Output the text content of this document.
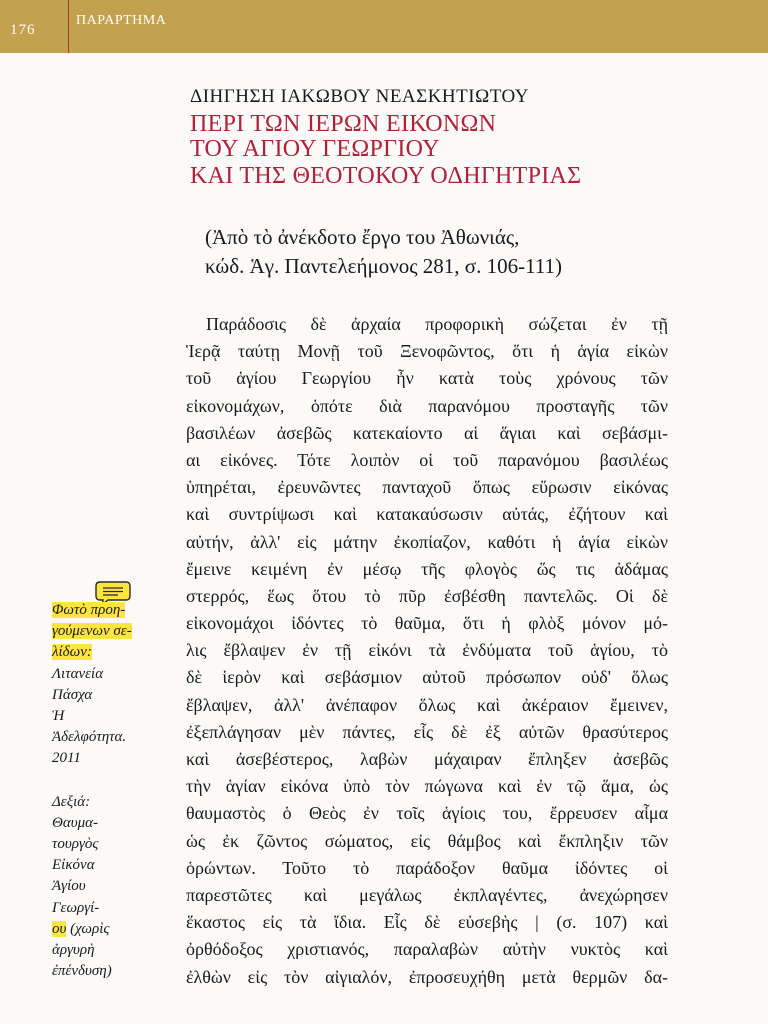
176
ΠΑΡΑΡΤΗΜΑ
ΔΙΗΓΗΣΗ ΙΑΚΩΒΟΥ ΝΕΑΣΚΗΤΙΩΤΟΥ
ΠΕΡΙ ΤΩΝ ΙΕΡΩΝ ΕΙΚΟΝΩΝ
ΤΟΥ ΑΓΙΟΥ ΓΕΩΡΓΙΟΥ
ΚΑΙ ΤΗΣ ΘΕΟΤΟΚΟΥ ΟΔΗΓΗΤΡΙΑΣ
(Ἀπὸ τὸ ἀνέκδοτο ἔργο του Ἀθωνιάς,
κώδ. Ἁγ. Παντελεήμονος 281, σ. 106-111)
Παράδοσις δὲ ἀρχαία προφορικὴ σώζεται ἐν τῇ
Ἱερᾷ ταύτῃ Μονῇ τοῦ Ξενοφῶντος, ὅτι ἡ ἁγία εἰκὼν
τοῦ ἁγίου Γεωργίου ἦν κατὰ τοὺς χρόνους τῶν
εἰκονομάχων, ὁπότε διὰ παρανόμου προσταγῆς τῶν
βασιλέων ἀσεβῶς κατεκαίοντο αἱ ἅγιαι καὶ σεβάσμι-
αι εἰκόνες. Τότε λοιπὸν οἱ τοῦ παρανόμου βασιλέως
ὑπηρέται, ἐρευνῶντες πανταχοῦ ὅπως εὕρωσιν εἰκόνας
καὶ συντρίψωσι καὶ κατακαύσωσιν αὐτάς, ἐζήτουν καὶ
αὐτήν, ἀλλ' εἰς μάτην ἐκοπίαζον, καθότι ἡ ἁγία εἰκὼν
ἔμεινε κειμένη ἐν μέσῳ τῆς φλογὸς ὥς τις ἀδάμας
στερρός, ἕως ὅτου τὸ πῦρ ἐσβέσθη παντελῶς. Οἱ δὲ
εἰκονομάχοι ἰδόντες τὸ θαῦμα, ὅτι ἡ φλὸξ μόνον μό-
λις ἔβλαψεν ἐν τῇ εἰκόνι τὰ ἐνδύματα τοῦ ἁγίου, τὸ
δὲ ἱερὸν καὶ σεβάσμιον αὐτοῦ πρόσωπον οὐδ' ὅλως
ἔβλαψεν, ἀλλ' ἀνέπαφον ὅλως καὶ ἀκέραιον ἔμεινεν,
ἐξεπλάγησαν μὲν πάντες, εἷς δὲ ἐξ αὐτῶν θρασύτερος
καὶ ἀσεβέστερος, λαβὼν μάχαιραν ἔπληξεν ἀσεβῶς
τὴν ἁγίαν εἰκόνα ὑπὸ τὸν πώγωνα καὶ ἐν τῷ ἅμα, ὡς
θαυμαστὸς ὁ Θεὸς ἐν τοῖς ἁγίοις του, ἔρρευσεν αἷμα
ὡς ἐκ ζῶντος σώματος, εἰς θάμβος καὶ ἔκπληξιν τῶν
ὁρώντων. Τοῦτο τὸ παράδοξον θαῦμα ἰδόντες οἱ
παρεστῶτες καὶ μεγάλως ἐκπλαγέντες, ἀνεχώρησεν
ἕκαστος εἰς τὰ ἴδια. Εἷς δὲ εὐσεβὴς | (σ. 107) καὶ
ὀρθόδοξος χριστιανός, παραλαβὼν αὐτὴν νυκτὸς καὶ
ἐλθὼν εἰς τὸν αἰγιαλόν, ἐπροσευχήθη μετὰ θερμῶν δα-
Φωτὸ προη-
γούμενων σε-
λίδων:
Λιτανεία
Πάσχα
Ἡ
Ἀδελφότητα.
2011
Δεξιά:
Θαυμα-
τουργὸς
Εἰκόνα
Ἁγίου
Γεωργί-
ου (χωρὶς
ἀργυρὴ
ἐπένδυση)
